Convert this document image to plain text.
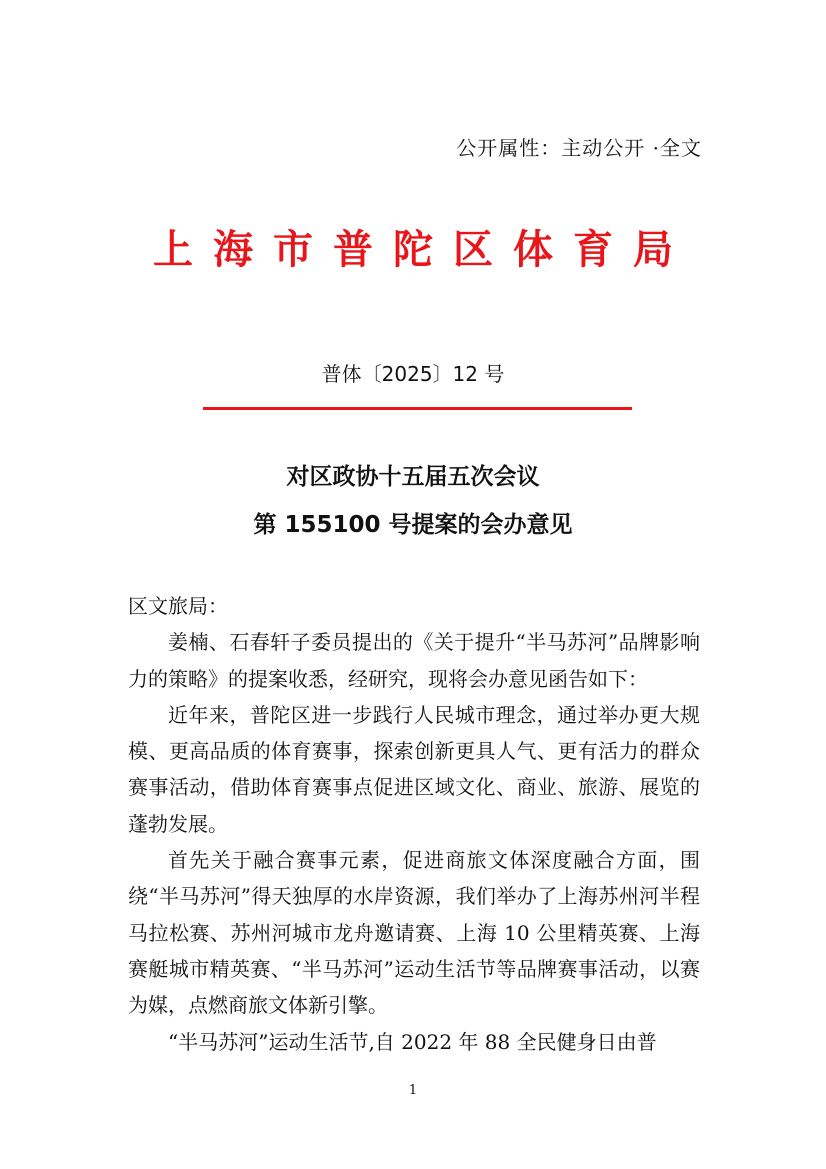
公开属性：主动公开 ·全文
上海市普陀区体育局
普体〔2025〕12 号
对区政协十五届五次会议
第 155100 号提案的会办意见

区文旅局：

姜楠、石春轩子委员提出的《关于提升“半马苏河”品牌影响力的策略》的提案收悉，经研究，现将会办意见函告如下：

近年来，普陀区进一步践行人民城市理念，通过举办更大规模、更高品质的体育赛事，探索创新更具人气、更有活力的群众赛事活动，借助体育赛事点促进区域文化、商业、旅游、展览的蓬勃发展。

首先关于融合赛事元素，促进商旅文体深度融合方面，围绕“半马苏河”得天独厚的水岸资源，我们举办了上海苏州河半程马拉松赛、苏州河城市龙舟邀请赛、上海 10 公里精英赛、上海赛艇城市精英赛、“半马苏河”运动生活节等品牌赛事活动，以赛为媒，点燃商旅文体新引擎。

“半马苏河”运动生活节,自 2022 年 88 全民健身日由普

1
